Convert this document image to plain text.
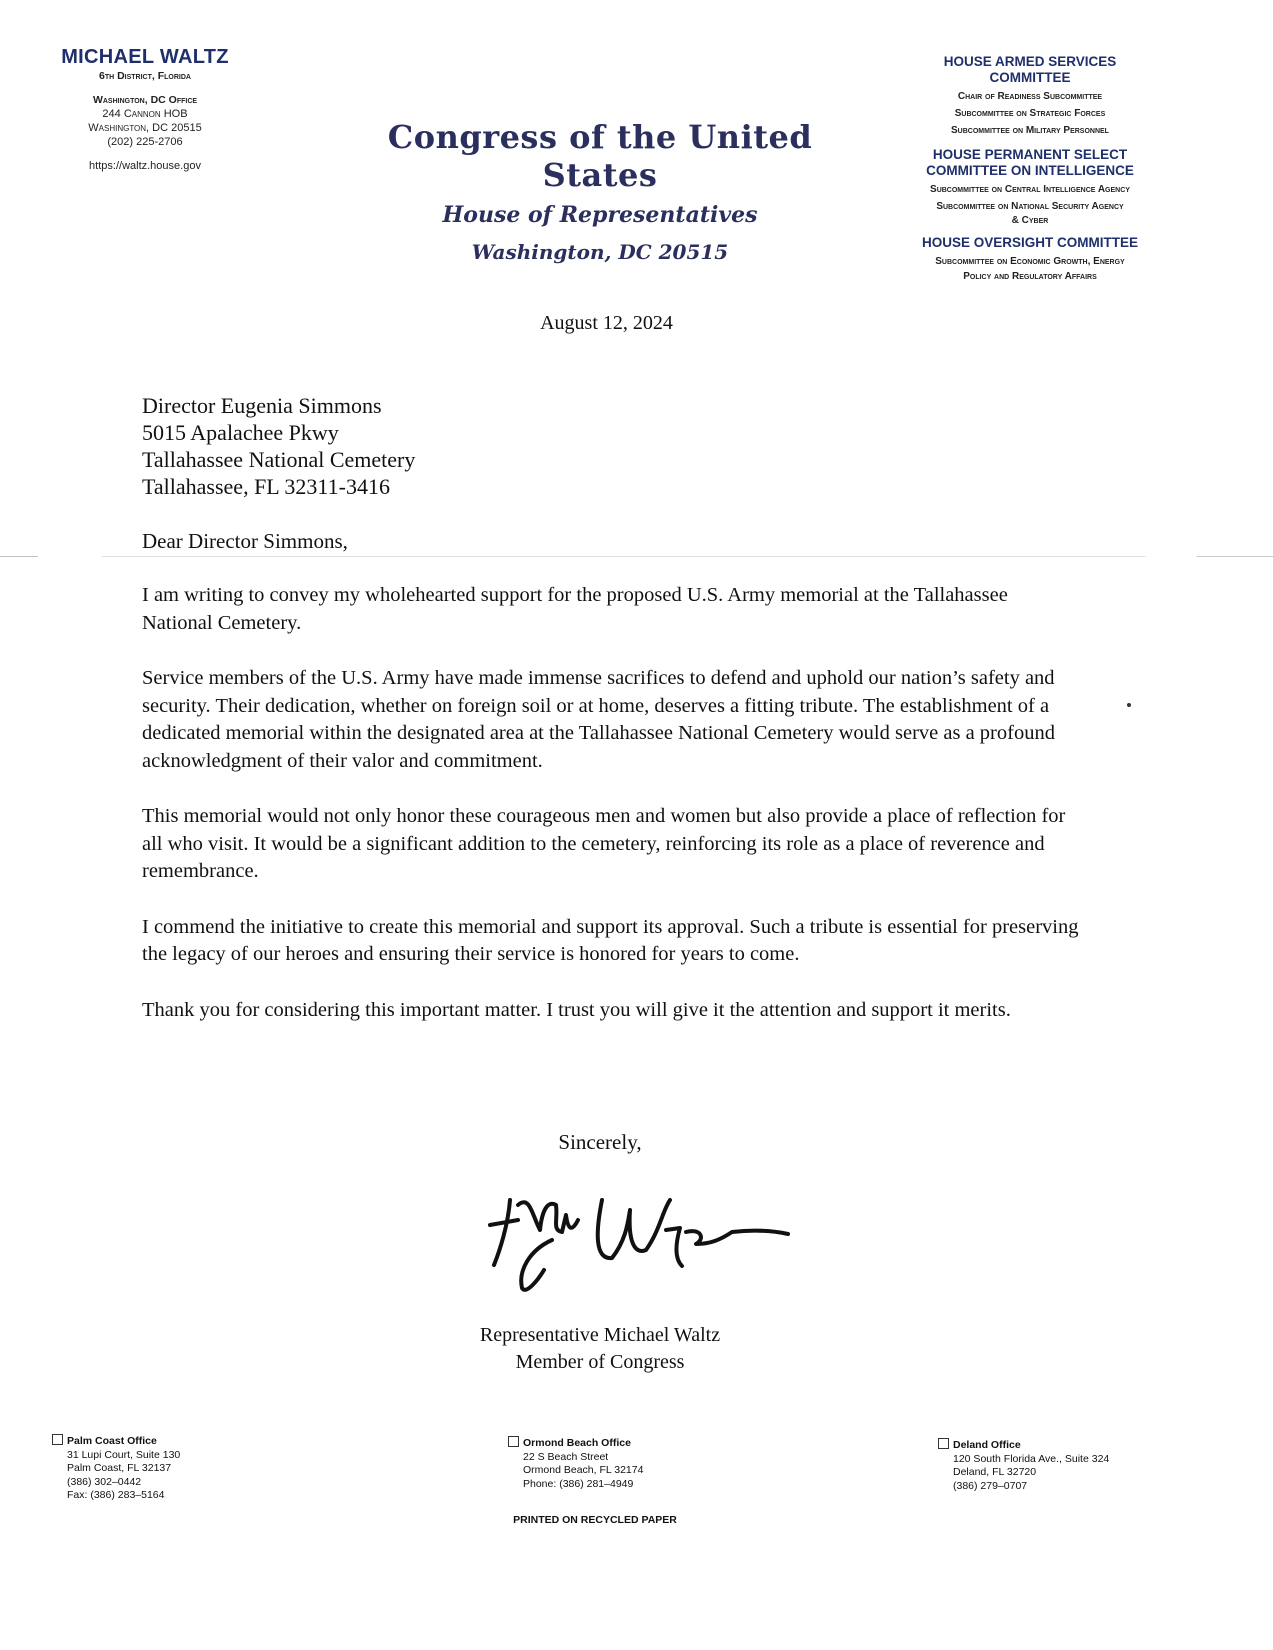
MICHAEL WALTZ
6th District, Florida
Washington, DC Office
244 Cannon HOB
Washington, DC 20515
(202) 225-2706
https://waltz.house.gov
Congress of the United States
House of Representatives
Washington, DC 20515
HOUSE ARMED SERVICES
COMMITTEE
Chair of Readiness Subcommittee
Subcommittee on Strategic Forces
Subcommittee on Military Personnel
HOUSE PERMANENT SELECT
COMMITTEE ON INTELLIGENCE
Subcommittee on Central Intelligence Agency
Subcommittee on National Security Agency
& Cyber
HOUSE OVERSIGHT COMMITTEE
Subcommittee on Economic Growth, Energy
Policy and Regulatory Affairs
August 12, 2024
Director Eugenia Simmons
5015 Apalachee Pkwy
Tallahassee National Cemetery
Tallahassee, FL 32311-3416
Dear Director Simmons,

I am writing to convey my wholehearted support for the proposed U.S. Army memorial at the Tallahassee National Cemetery.

Service members of the U.S. Army have made immense sacrifices to defend and uphold our nation’s safety and security. Their dedication, whether on foreign soil or at home, deserves a fitting tribute. The establishment of a dedicated memorial within the designated area at the Tallahassee National Cemetery would serve as a profound acknowledgment of their valor and commitment.

This memorial would not only honor these courageous men and women but also provide a place of reflection for all who visit. It would be a significant addition to the cemetery, reinforcing its role as a place of reverence and remembrance.

I commend the initiative to create this memorial and support its approval. Such a tribute is essential for preserving the legacy of our heroes and ensuring their service is honored for years to come.

Thank you for considering this important matter. I trust you will give it the attention and support it merits.

Sincerely,
Representative Michael Waltz
Member of Congress
Palm Coast Office
31 Lupi Court, Suite 130
Palm Coast, FL 32137
(386) 302–0442
Fax: (386) 283–5164
Ormond Beach Office
22 S Beach Street
Ormond Beach, FL 32174
Phone: (386) 281–4949
Deland Office
120 South Florida Ave., Suite 324
Deland, FL 32720
(386) 279–0707
PRINTED ON RECYCLED PAPER
